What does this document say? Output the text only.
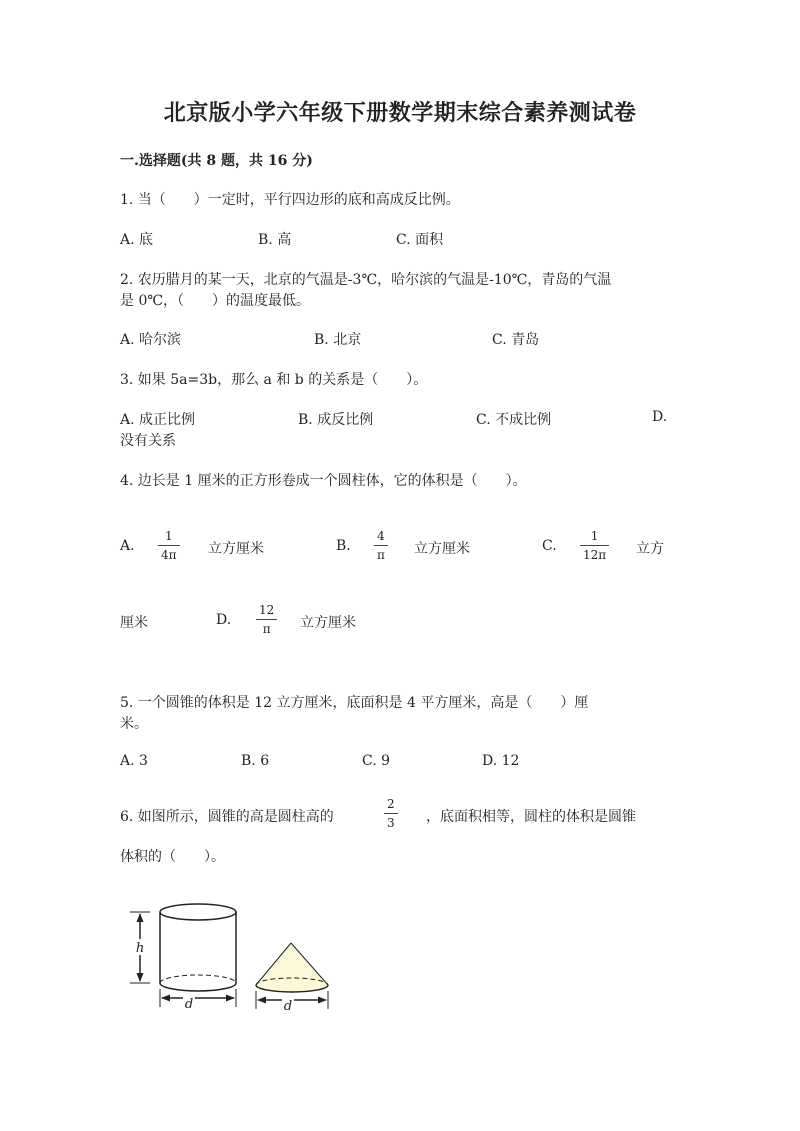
北京版小学六年级下册数学期末综合素养测试卷
一.选择题(共 8 题，共 16 分)
1. 当（　　）一定时，平行四边形的底和高成反比例。
A. 底	B. 高	C. 面积
2. 农历腊月的某一天，北京的气温是-3℃，哈尔滨的气温是-10℃，青岛的气温
是 0℃，（　　）的温度最低。
A. 哈尔滨	B. 北京	C. 青岛
3. 如果 5a=3b，那么 a 和 b 的关系是（　　）。
A. 成正比例	B. 成反比例	C. 不成比例	D.
没有关系
4. 边长是 1 厘米的正方形卷成一个圆柱体，它的体积是（　　）。
A.
1
4π 立方厘米	B.
4
π 立方厘米	C.
1
12π 立方
厘米	D.
12
π 立方厘米
5. 一个圆锥的体积是 12 立方厘米，底面积是 4 平方厘米，高是（　　）厘
米。
A. 3	B. 6	C. 9	D. 12
6. 如图所示，圆锥的高是圆柱高的
2
3 ，底面积相等，圆柱的体积是圆锥
体积的（　　）。
h
d	d
